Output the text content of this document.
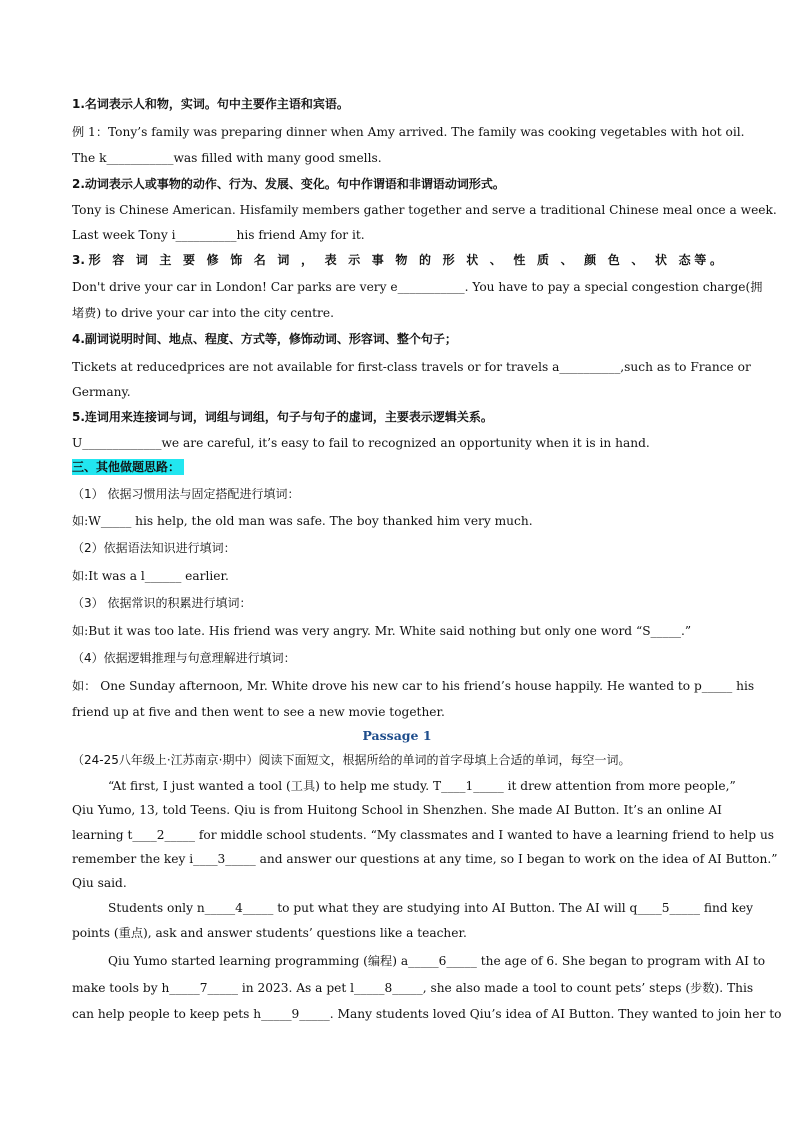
1.名词表示人和物，实词。句中主要作主语和宾语。
例 1：Tony’s family was preparing dinner when Amy arrived. The family was cooking vegetables with hot oil.
The k___________was filled with many good smells.
2.动词表示人或事物的动作、行为、发展、变化。句中作谓语和非谓语动词形式。
Tony is Chinese American. Hisfamily members gather together and serve a traditional Chinese meal once a week.
Last week Tony i__________his friend Amy for it.
3.形 容 词 主 要 修 饰 名 词 ， 表 示 事 物 的 形 状 、 性 质 、 颜 色 、 状 态等。
Don't drive your car in London! Car parks are very e___________. You have to pay a special congestion charge(拥
堵费) to drive your car into the city centre.
4.副词说明时间、地点、程度、方式等，修饰动词、形容词、整个句子；
Tickets at reducedprices are not available for first-class travels or for travels a__________,such as to France or
Germany.
5.连词用来连接词与词，词组与词组，句子与句子的虚词，主要表示逻辑关系。
U_____________we are careful, it’s easy to fail to recognized an opportunity when it is in hand.
三、其他做题思路：
（1） 依据习惯用法与固定搭配进行填词：
如:W_____ his help, the old man was safe. The boy thanked him very much.
（2）依据语法知识进行填词：
如:It was a l______ earlier.
（3） 依据常识的积累进行填词：
如:But it was too late. His friend was very angry. Mr. White said nothing but only one word “S_____.”
（4）依据逻辑推理与句意理解进行填词：
如： One Sunday afternoon, Mr. White drove his new car to his friend’s house happily. He wanted to p_____ his
friend up at five and then went to see a new movie together.
Passage 1
（24-25八年级上·江苏南京·期中）阅读下面短文，根据所给的单词的首字母填上合适的单词，每空一词。
“At first, I just wanted a tool (工具) to help me study. T____1_____ it drew attention from more people,”
Qiu Yumo, 13, told Teens. Qiu is from Huitong School in Shenzhen. She made AI Button. It’s an online AI
learning t____2_____ for middle school students. “My classmates and I wanted to have a learning friend to help us
remember the key i____3_____ and answer our questions at any time, so I began to work on the idea of AI Button.”
Qiu said.
Students only n_____4_____ to put what they are studying into AI Button. The AI will q____5_____ find key
points (重点), ask and answer students’ questions like a teacher.
Qiu Yumo started learning programming (编程) a_____6_____ the age of 6. She began to program with AI to
make tools by h_____7_____ in 2023. As a pet l_____8_____, she also made a tool to count pets’ steps (步数). This
can help people to keep pets h_____9_____. Many students loved Qiu’s idea of AI Button. They wanted to join her to
